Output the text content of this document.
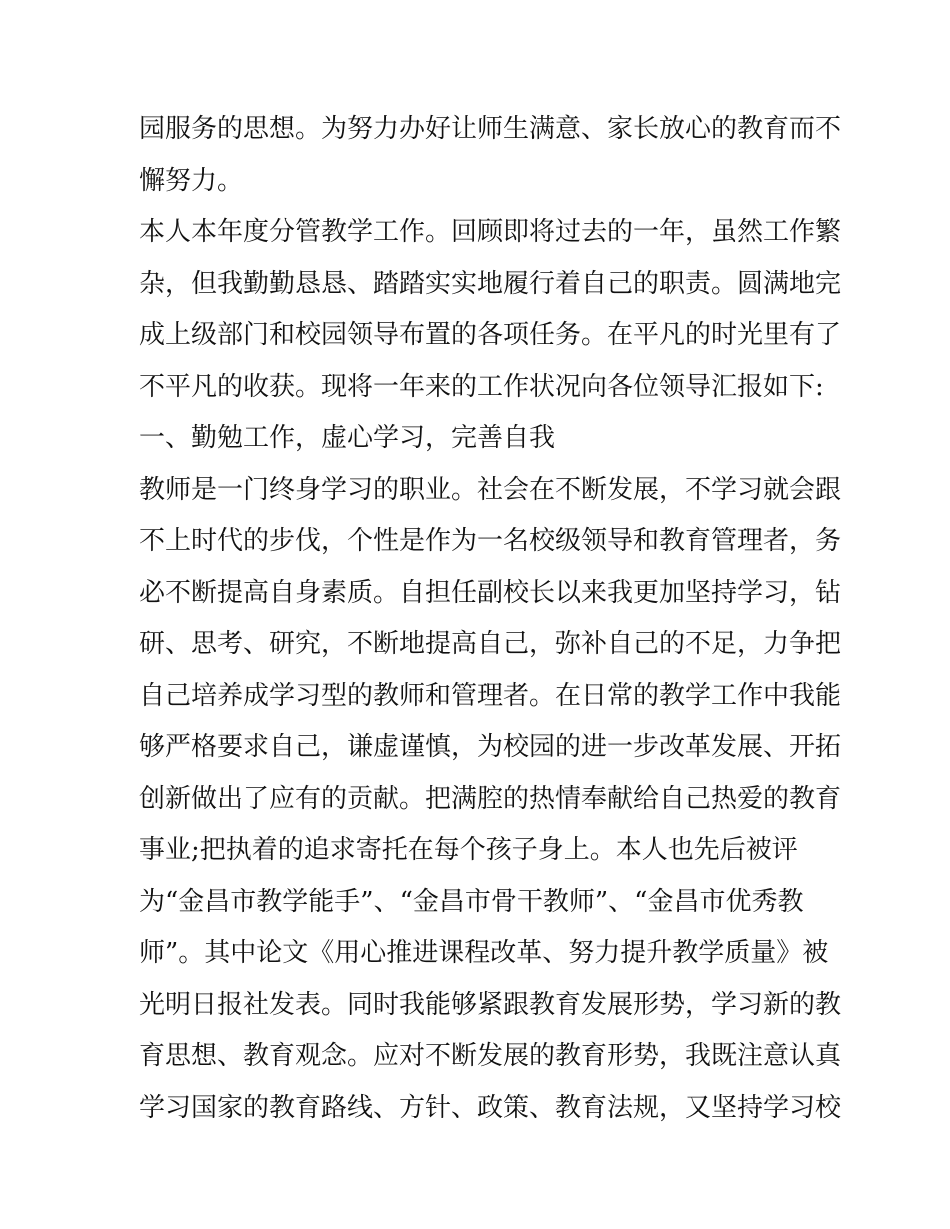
园服务的思想。为努力办好让师生满意、家长放心的教育而不
懈努力。
本人本年度分管教学工作。回顾即将过去的一年，虽然工作繁
杂，但我勤勤恳恳、踏踏实实地履行着自己的职责。圆满地完
成上级部门和校园领导布置的各项任务。在平凡的时光里有了
不平凡的收获。现将一年来的工作状况向各位领导汇报如下:
一、勤勉工作，虚心学习，完善自我
教师是一门终身学习的职业。社会在不断发展，不学习就会跟
不上时代的步伐，个性是作为一名校级领导和教育管理者，务
必不断提高自身素质。自担任副校长以来我更加坚持学习，钻
研、思考、研究，不断地提高自己，弥补自己的不足，力争把
自己培养成学习型的教师和管理者。在日常的教学工作中我能
够严格要求自己，谦虚谨慎，为校园的进一步改革发展、开拓
创新做出了应有的贡献。把满腔的热情奉献给自己热爱的教育
事业;把执着的追求寄托在每个孩子身上。本人也先后被评
为“金昌市教学能手”、“金昌市骨干教师”、“金昌市优秀教
师”。其中论文《用心推进课程改革、努力提升教学质量》被
光明日报社发表。同时我能够紧跟教育发展形势，学习新的教
育思想、教育观念。应对不断发展的教育形势，我既注意认真
学习国家的教育路线、方针、政策、教育法规，又坚持学习校
